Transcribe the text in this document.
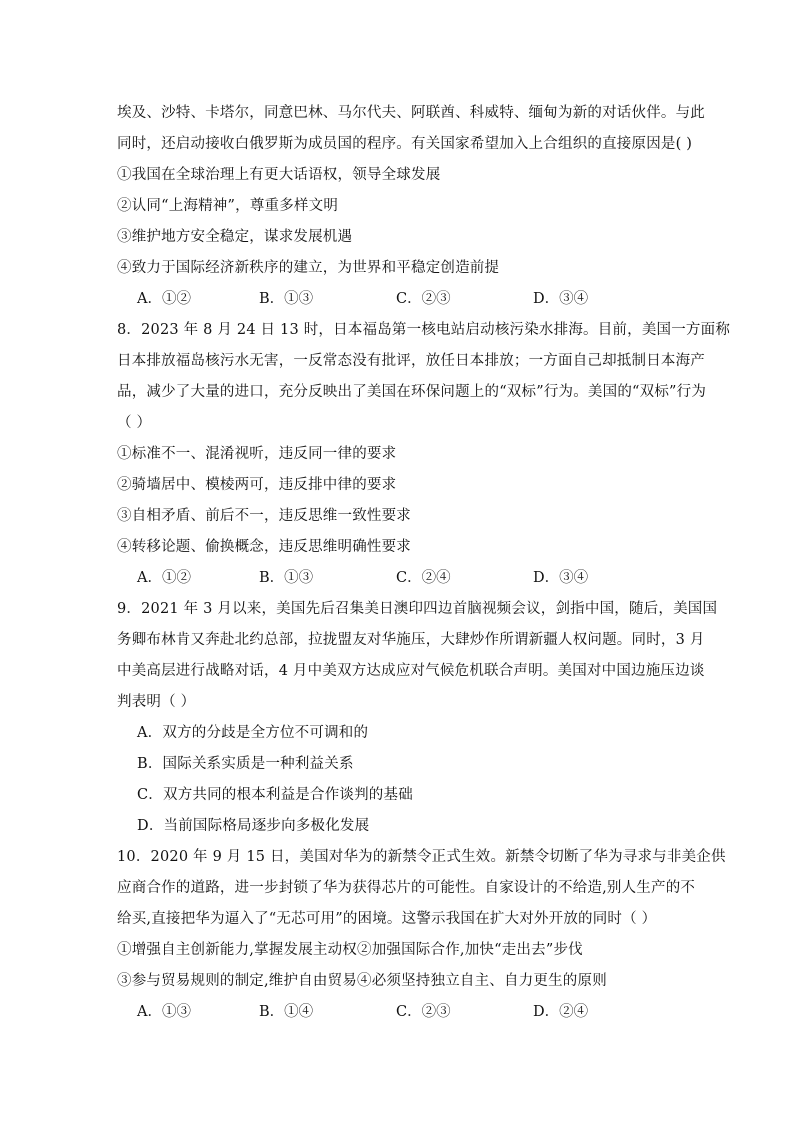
埃及、沙特、卡塔尔，同意巴林、马尔代夫、阿联酋、科威特、缅甸为新的对话伙伴。与此
同时，还启动接收白俄罗斯为成员国的程序。有关国家希望加入上合组织的直接原因是( )
①我国在全球治理上有更大话语权，领导全球发展
②认同“上海精神”，尊重多样文明
③维护地方安全稳定，谋求发展机遇
④致力于国际经济新秩序的建立，为世界和平稳定创造前提
A．①②	B．①③	C．②③	D．③④
8．2023 年 8 月 24 日 13 时，日本福岛第一核电站启动核污染水排海。目前，美国一方面称
日本排放福岛核污水无害，一反常态没有批评，放任日本排放；一方面自己却抵制日本海产
品，减少了大量的进口，充分反映出了美国在环保问题上的“双标”行为。美国的“双标”行为
（ ）
①标准不一、混淆视听，违反同一律的要求
②骑墙居中、模棱两可，违反排中律的要求
③自相矛盾、前后不一，违反思维一致性要求
④转移论题、偷换概念，违反思维明确性要求
A．①②	B．①③	C．②④	D．③④
9．2021 年 3 月以来，美国先后召集美日澳印四边首脑视频会议，剑指中国，随后，美国国
务卿布林肯又奔赴北约总部，拉拢盟友对华施压，大肆炒作所谓新疆人权问题。同时，3 月
中美高层进行战略对话，4 月中美双方达成应对气候危机联合声明。美国对中国边施压边谈
判表明（ ）
A．双方的分歧是全方位不可调和的
B．国际关系实质是一种利益关系
C．双方共同的根本利益是合作谈判的基础
D．当前国际格局逐步向多极化发展
10．2020 年 9 月 15 日，美国对华为的新禁令正式生效。新禁令切断了华为寻求与非美企供
应商合作的道路，进一步封锁了华为获得芯片的可能性。自家设计的不给造,别人生产的不
给买,直接把华为逼入了“无芯可用”的困境。这警示我国在扩大对外开放的同时（ ）
①增强自主创新能力,掌握发展主动权②加强国际合作,加快“走出去”步伐
③参与贸易规则的制定,维护自由贸易④必须坚持独立自主、自力更生的原则
A．①③	B．①④	C．②③	D．②④
